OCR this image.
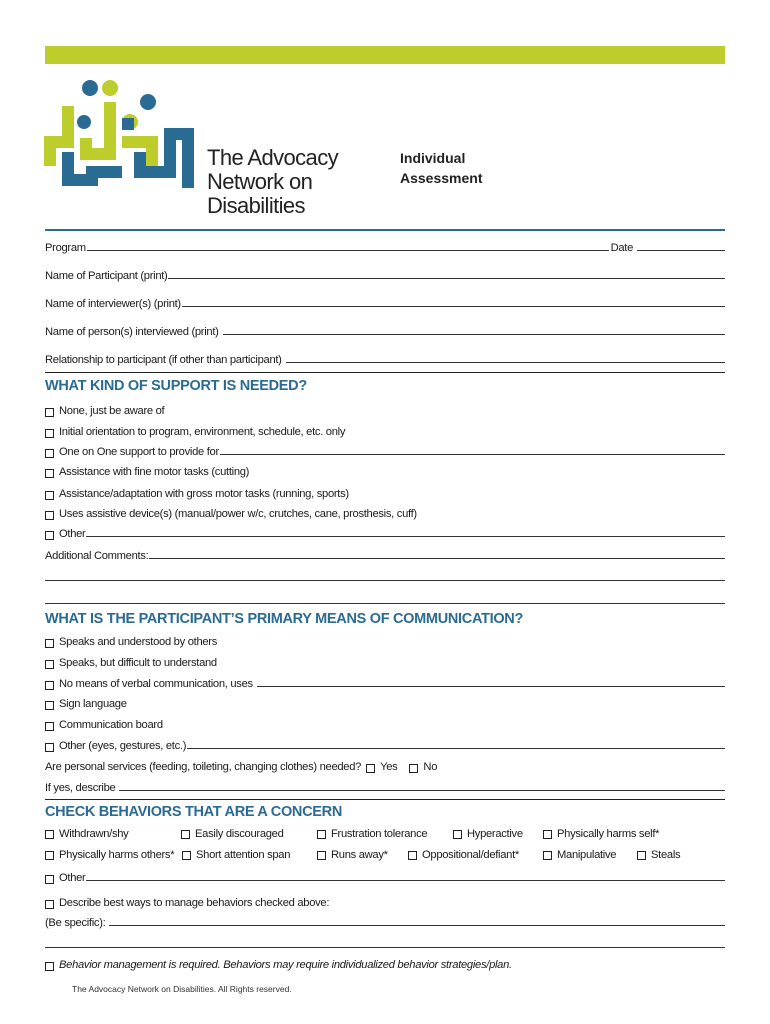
The Advocacy
Network on
Disabilities
Individual
Assessment
Program	Date
Name of Participant (print)
Name of interviewer(s) (print)
Name of person(s) interviewed (print)
Relationship to participant (if other than participant)
WHAT KIND OF SUPPORT IS NEEDED?
None, just be aware of
Initial orientation to program, environment, schedule, etc. only
One on One support to provide for
Assistance with fine motor tasks (cutting)
Assistance/adaptation with gross motor tasks (running, sports)
Uses assistive device(s) (manual/power w/c, crutches, cane, prosthesis, cuff)
Other
Additional Comments:
WHAT IS THE PARTICIPANT’S PRIMARY MEANS OF COMMUNICATION?
Speaks and understood by others
Speaks, but difficult to understand
No means of verbal communication, uses
Sign language
Communication board
Other (eyes, gestures, etc.)
Are personal services (feeding, toileting, changing clothes) needed? Yes No
If yes, describe
CHECK BEHAVIORS THAT ARE A CONCERN
Withdrawn/shy	Easily discouraged	Frustration tolerance	Hyperactive	Physically harms self*
Physically harms others* Short attention span	Runs away*	Oppositional/defiant*	Manipulative	Steals
Other
Describe best ways to manage behaviors checked above:
(Be specific):
Behavior management is required. Behaviors may require individualized behavior strategies/plan.
The Advocacy Network on Disabilities. All Rights reserved.
